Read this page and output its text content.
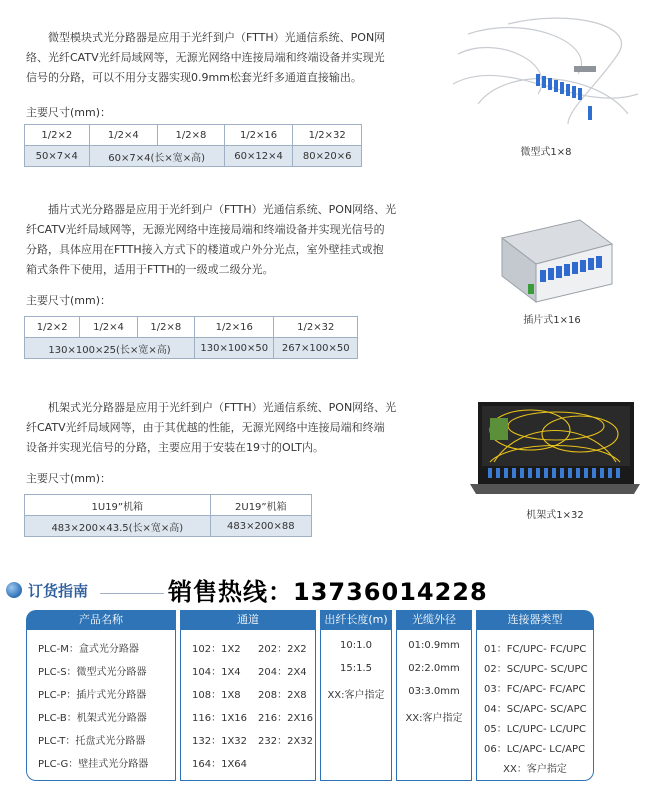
微型模块式光分路器是应用于光纤到户（FTTH）光通信系统、PON网
络、光纤CATV光纤局域网等，无源光网络中连接局端和终端设备并实现光
信号的分路，可以不用分支器实现0.9mm松套光纤多通道直接输出。

主要尺寸(mm)：
1/2×2	1/2×4	1/2×8	1/2×16	1/2×32
50×7×4	60×7×4(长×宽×高)		60×12×4	80×20×6	微型式1×8

插片式光分路器是应用于光纤到户（FTTH）光通信系统、PON网络、光
纤CATV光纤局域网等，无源光网络中连接局端和终端设备并实现光信号的
分路，具体应用在FTTH接入方式下的楼道或户外分光点，室外壁挂式或抱
箱式条件下使用，适用于FTTH的一级或二级分光。

主要尺寸(mm)：
1/2×2	1/2×4	1/2×8	1/2×16	1/2×32
130×100×25(长×宽×高)			130×100×50	267×100×50
插片式1×16

机架式光分路器是应用于光纤到户（FTTH）光通信系统、PON网络、光
纤CATV光纤局域网等，由于其优越的性能，无源光网络中连接局端和终端
设备并实现光信号的分路，主要应用于安装在19寸的OLT内。

主要尺寸(mm)：
1U19”机箱	2U19”机箱
483×200×43.5(长×宽×高)	483×200×88
机架式1×32
订货指南	销售热线：13736014228
产品名称
PLC-M：盒式光分路器
PLC-S：微型式光分路器
PLC-P：插片式光分路器
PLC-B：机架式光分路器
PLC-T：托盘式光分路器
PLC-G：壁挂式光分路器
通道
102：1X2	202：2X2
104：1X4	204：2X4
108：1X8	208：2X8
116：1X16	216：2X16
132：1X32	232：2X32
164：1X64
出纤长度(m)
10:1.0
15:1.5
XX:客户指定
光缆外径
01:0.9mm
02:2.0mm
03:3.0mm
XX:客户指定
连接器类型
01：FC/UPC- FC/UPC
02：SC/UPC- SC/UPC
03：FC/APC- FC/APC
04：SC/APC- SC/APC
05：LC/UPC- LC/UPC
06：LC/APC- LC/APC
XX：客户指定
